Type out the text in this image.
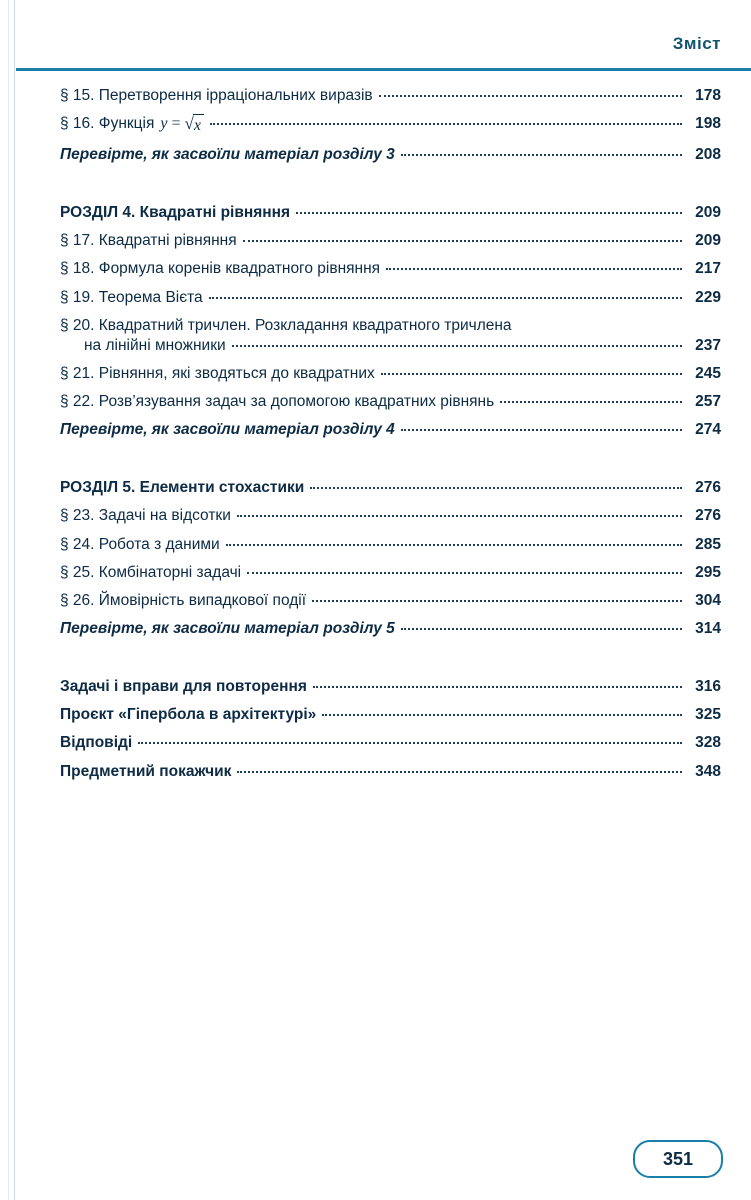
Зміст
§ 15. Перетворення ірраціональних виразів	178
§ 16. Функція y = √ x	198
Перевірте, як засвоїли матеріал розділу 3	208
РОЗДІЛ 4. Квадратні рівняння	209
§ 17. Квадратні рівняння	209
§ 18. Формула коренів квадратного рівняння	217
§ 19. Теорема Вієта	229
§ 20. Квадратний тричлен. Розкладання квадратного тричлена
на лінійні множники	237
§ 21. Рівняння, які зводяться до квадратних	245
§ 22. Розв’язування задач за допомогою квадратних рівнянь	257
Перевірте, як засвоїли матеріал розділу 4	274
РОЗДІЛ 5. Елементи стохастики	276
§ 23. Задачі на відсотки	276
§ 24. Робота з даними	285
§ 25. Комбінаторні задачі	295
§ 26. Ймовірність випадкової події	304
Перевірте, як засвоїли матеріал розділу 5	314
Задачі і вправи для повторення	316
Проєкт «Гіпербола в архітектурі»	325
Відповіді	328
Предметний покажчик	348
351
